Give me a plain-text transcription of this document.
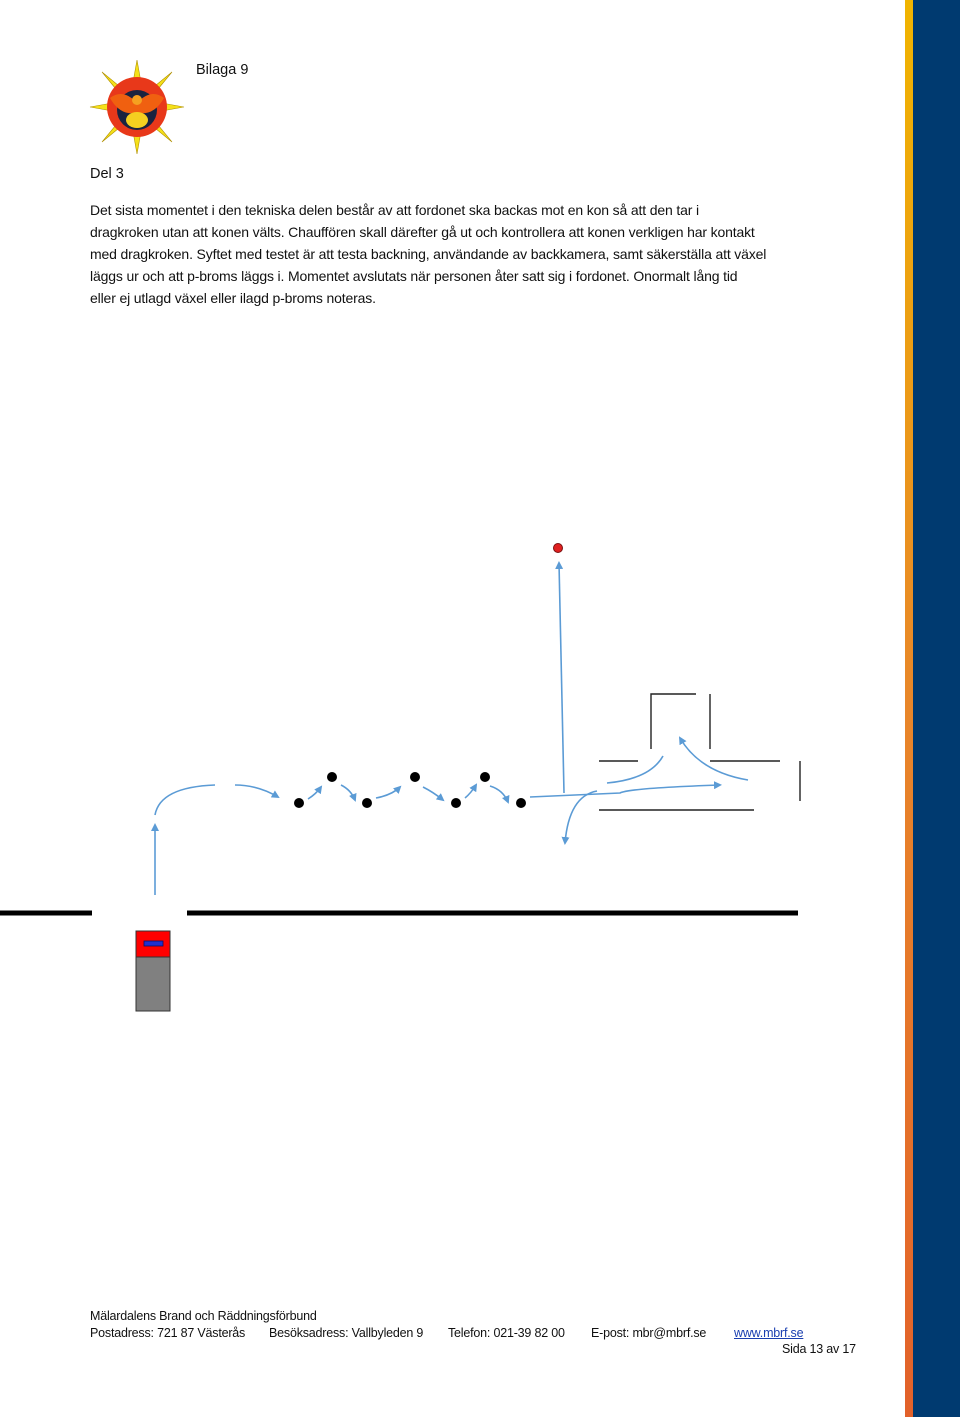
Bilaga 9
Del 3
Det sista momentet i den tekniska delen består av att fordonet ska backas mot en kon så att den tar i
dragkroken utan att konen välts. Chauffören skall därefter gå ut och kontrollera att konen verkligen har kontakt
med dragkroken. Syftet med testet är att testa backning, användande av backkamera, samt säkerställa att växel
läggs ur och att p-broms läggs i. Momentet avslutats när personen åter satt sig i fordonet. Onormalt lång tid
eller ej utlagd växel eller ilagd p-broms noteras.
Mälardalens Brand och Räddningsförbund
Postadress: 721 87 Västerås Besöksadress: Vallbyleden 9 Telefon: 021-39 82 00 E-post: mbr@mbrf.se www.mbrf.se
Sida 13 av 17
